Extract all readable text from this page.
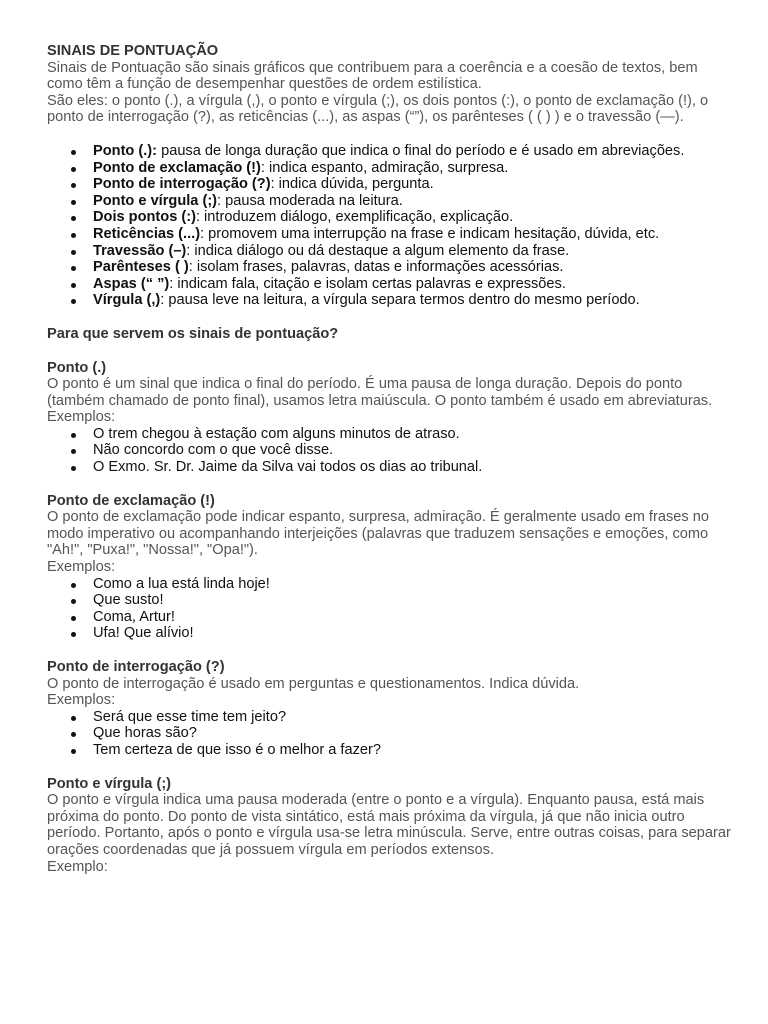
SINAIS DE PONTUAÇÃO

Sinais de Pontuação são sinais gráficos que contribuem para a coerência e a coesão de textos, bem como têm a função de desempenhar questões de ordem estilística.

São eles: o ponto (.), a vírgula (,), o ponto e vírgula (;), os dois pontos (:), o ponto de exclamação (!), o ponto de interrogação (?), as reticências (...), as aspas (“”), os parênteses ( ( ) ) e o travessão (—).

Ponto (.): pausa de longa duração que indica o final do período e é usado em abreviações.
Ponto de exclamação (!): indica espanto, admiração, surpresa.
Ponto de interrogação (?): indica dúvida, pergunta.
Ponto e vírgula (;): pausa moderada na leitura.
Dois pontos (:): introduzem diálogo, exemplificação, explicação.
Reticências (...): promovem uma interrupção na frase e indicam hesitação, dúvida, etc.
Travessão (–): indica diálogo ou dá destaque a algum elemento da frase.
Parênteses ( ): isolam frases, palavras, datas e informações acessórias.
Aspas (“ ”): indicam fala, citação e isolam certas palavras e expressões.
Vírgula (,): pausa leve na leitura, a vírgula separa termos dentro do mesmo período.

Para que servem os sinais de pontuação?

Ponto (.)

O ponto é um sinal que indica o final do período. É uma pausa de longa duração. Depois do ponto (também chamado de ponto final), usamos letra maiúscula. O ponto também é usado em abreviaturas.

Exemplos:

O trem chegou à estação com alguns minutos de atraso.
Não concordo com o que você disse.
O Exmo. Sr. Dr. Jaime da Silva vai todos os dias ao tribunal.

Ponto de exclamação (!)

O ponto de exclamação pode indicar espanto, surpresa, admiração. É geralmente usado em frases no modo imperativo ou acompanhando interjeições (palavras que traduzem sensações e emoções, como "Ah!", "Puxa!", "Nossa!", "Opa!").

Exemplos:

Como a lua está linda hoje!
Que susto!
Coma, Artur!
Ufa! Que alívio!

Ponto de interrogação (?)

O ponto de interrogação é usado em perguntas e questionamentos. Indica dúvida.

Exemplos:

Será que esse time tem jeito?
Que horas são?
Tem certeza de que isso é o melhor a fazer?

Ponto e vírgula (;)

O ponto e vírgula indica uma pausa moderada (entre o ponto e a vírgula). Enquanto pausa, está mais próxima do ponto. Do ponto de vista sintático, está mais próxima da vírgula, já que não inicia outro período. Portanto, após o ponto e vírgula usa-se letra minúscula. Serve, entre outras coisas, para separar orações coordenadas que já possuem vírgula em períodos extensos.

Exemplo:
